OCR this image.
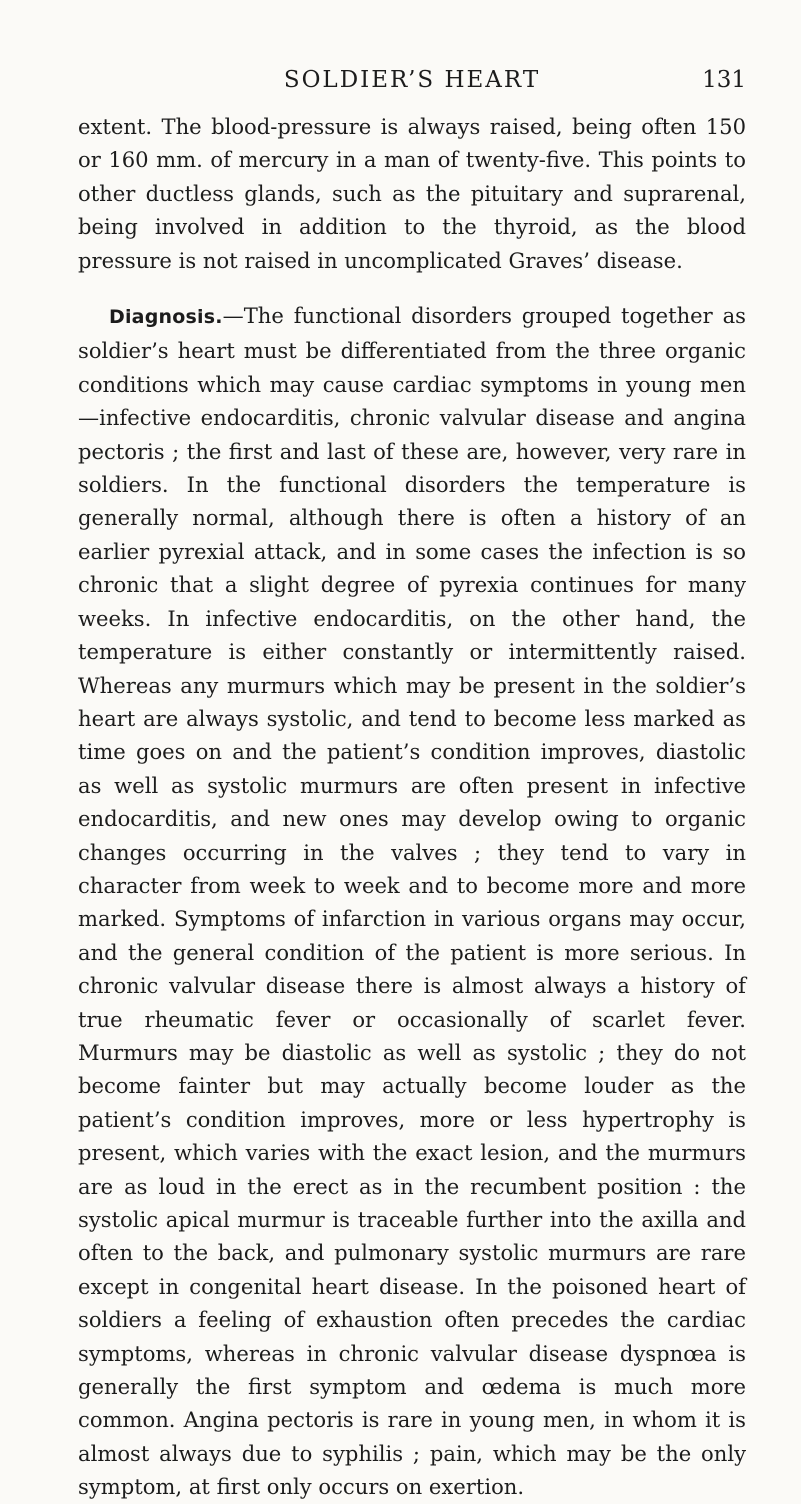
SOLDIER’S HEART	131

extent. The blood-pressure is always raised, being often 150 or 160 mm. of mercury in a man of twenty-five. This points to other ductless glands, such as the pituitary and suprarenal, being involved in addition to the thyroid, as the blood pressure is not raised in uncomplicated Graves’ disease.

Diagnosis.—The functional disorders grouped together as soldier’s heart must be differentiated from the three organic conditions which may cause cardiac symptoms in young men—infective endocarditis, chronic valvular disease and angina pectoris ; the first and last of these are, however, very rare in soldiers. In the functional disorders the temperature is generally normal, although there is often a history of an earlier pyrexial attack, and in some cases the infection is so chronic that a slight degree of pyrexia continues for many weeks. In infective endocarditis, on the other hand, the temperature is either constantly or intermittently raised. Whereas any murmurs which may be present in the soldier’s heart are always systolic, and tend to become less marked as time goes on and the patient’s condition improves, diastolic as well as systolic murmurs are often present in infective endocarditis, and new ones may develop owing to organic changes occurring in the valves ; they tend to vary in character from week to week and to become more and more marked. Symptoms of infarction in various organs may occur, and the general condition of the patient is more serious. In chronic valvular disease there is almost always a history of true rheumatic fever or occasionally of scarlet fever. Murmurs may be diastolic as well as systolic ; they do not become fainter but may actually become louder as the patient’s condition improves, more or less hypertrophy is present, which varies with the exact lesion, and the murmurs are as loud in the erect as in the recumbent position : the systolic apical murmur is traceable further into the axilla and often to the back, and pulmonary systolic murmurs are rare except in congenital heart disease. In the poisoned heart of soldiers a feeling of exhaustion often precedes the cardiac symptoms, whereas in chronic valvular disease dyspnœa is generally the first symptom and œdema is much more common. Angina pectoris is rare in young men, in whom it is almost always due to syphilis ; pain, which may be the only symptom, at first only occurs on exertion.
